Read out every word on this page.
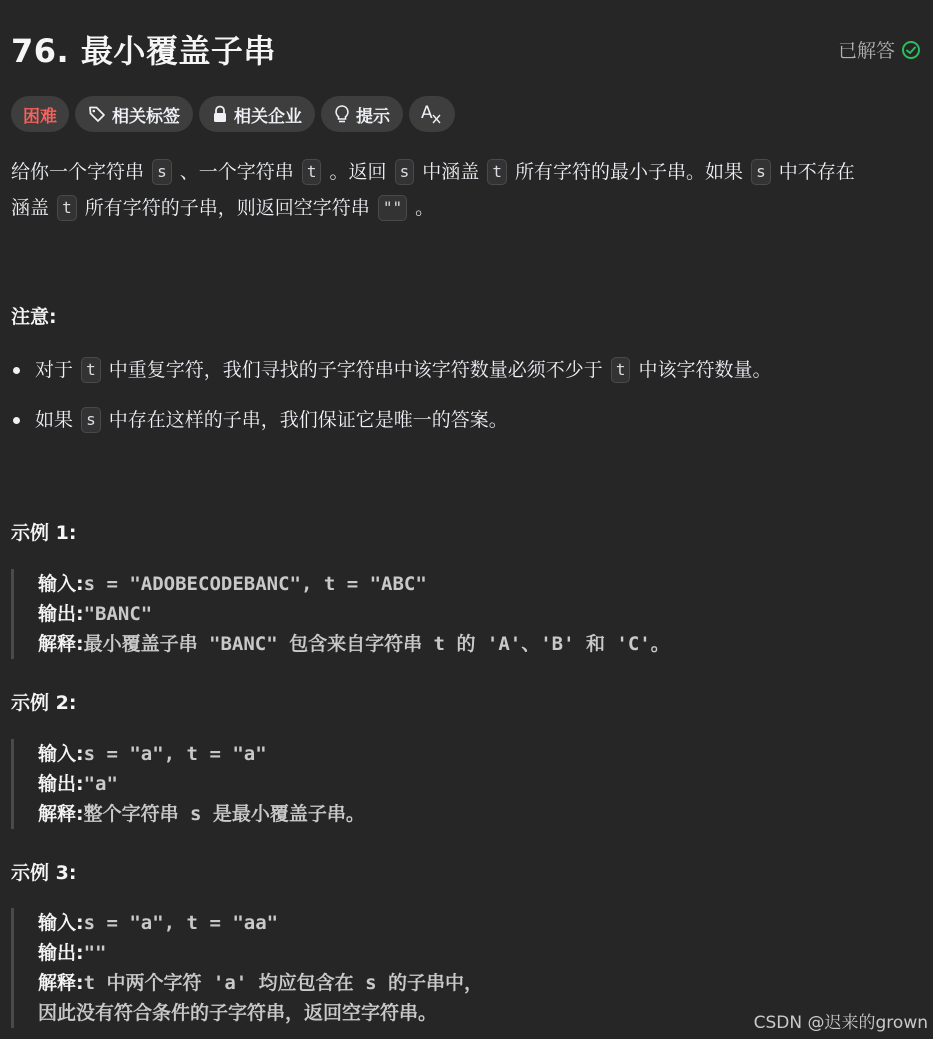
76. 最小覆盖子串	已解答
困难	相关标签	相关企业	提示 A
给你一个字符串 s 、一个字符串 t 。返回 s 中涵盖 t 所有字符的最小子串。如果 s 中不存在
涵盖 t 所有字符的子串，则返回空字符串 "" 。
注意:
对于 t 中重复字符，我们寻找的子字符串中该字符数量必须不少于 t 中该字符数量。
如果 s 中存在这样的子串，我们保证它是唯一的答案。
示例 1:
输入:s = "ADOBECODEBANC", t = "ABC"
输出:"BANC"
解释:最小覆盖子串 "BANC" 包含来自字符串 t 的 'A'、'B' 和 'C'。
示例 2:
输入:s = "a", t = "a"
输出:"a"
解释:整个字符串 s 是最小覆盖子串。
示例 3:
输入:s = "a", t = "aa"
输出:""
解释:t 中两个字符 'a' 均应包含在 s 的子串中，
因此没有符合条件的子字符串，返回空字符串。	CSDN @迟来的grown
